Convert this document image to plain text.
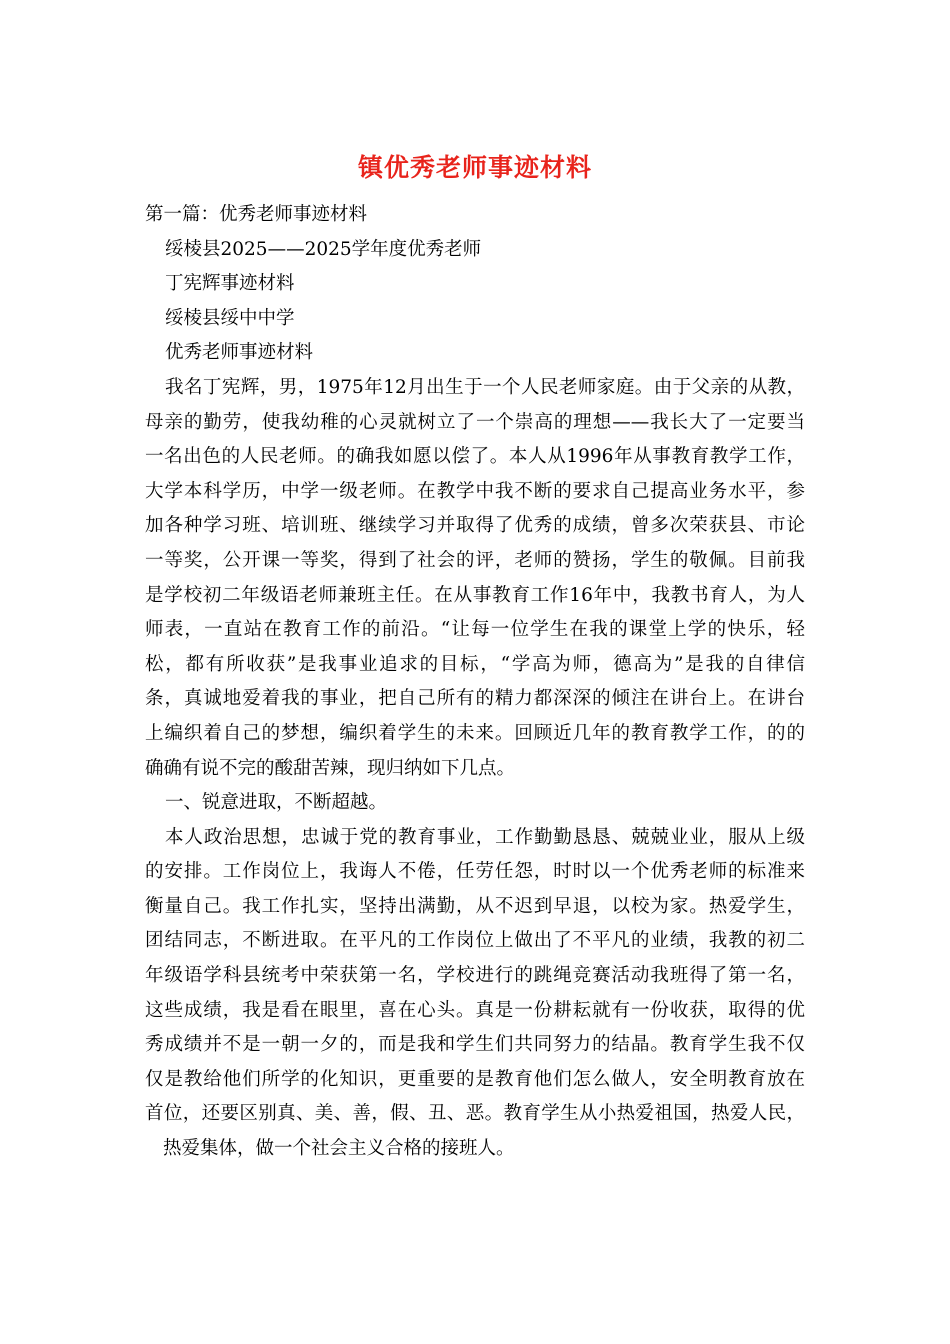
镇优秀老师事迹材料
第一篇：优秀老师事迹材料
绥棱县2025——2025学年度优秀老师
丁宪辉事迹材料
绥棱县绥中中学
优秀老师事迹材料
我名丁宪辉，男，1975年12月出生于一个人民老师家庭。由于父亲的从教，
母亲的勤劳，使我幼稚的心灵就树立了一个崇高的理想——我长大了一定要当
一名出色的人民老师。的确我如愿以偿了。本人从1996年从事教育教学工作，
大学本科学历，中学一级老师。在教学中我不断的要求自己提高业务水平，参
加各种学习班、培训班、继续学习并取得了优秀的成绩，曾多次荣获县、市论
一等奖，公开课一等奖，得到了社会的评，老师的赞扬，学生的敬佩。目前我
是学校初二年级语老师兼班主任。在从事教育工作16年中，我教书育人，为人
师表，一直站在教育工作的前沿。“让每一位学生在我的课堂上学的快乐，轻
松，都有所收获”是我事业追求的目标，“学高为师，德高为”是我的自律信
条，真诚地爱着我的事业，把自己所有的精力都深深的倾注在讲台上。在讲台
上编织着自己的梦想，编织着学生的未来。回顾近几年的教育教学工作，的的
确确有说不完的酸甜苦辣，现归纳如下几点。
一、锐意进取，不断超越。
本人政治思想，忠诚于党的教育事业，工作勤勤恳恳、兢兢业业，服从上级
的安排。工作岗位上，我诲人不倦，任劳任怨，时时以一个优秀老师的标准来
衡量自己。我工作扎实，坚持出满勤，从不迟到早退，以校为家。热爱学生，
团结同志，不断进取。在平凡的工作岗位上做出了不平凡的业绩，我教的初二
年级语学科县统考中荣获第一名，学校进行的跳绳竞赛活动我班得了第一名，
这些成绩，我是看在眼里，喜在心头。真是一份耕耘就有一份收获，取得的优
秀成绩并不是一朝一夕的，而是我和学生们共同努力的结晶。教育学生我不仅
仅是教给他们所学的化知识，更重要的是教育他们怎么做人，安全明教育放在
首位，还要区别真、美、善，假、丑、恶。教育学生从小热爱祖国，热爱人民，
热爱集体，做一个社会主义合格的接班人。
